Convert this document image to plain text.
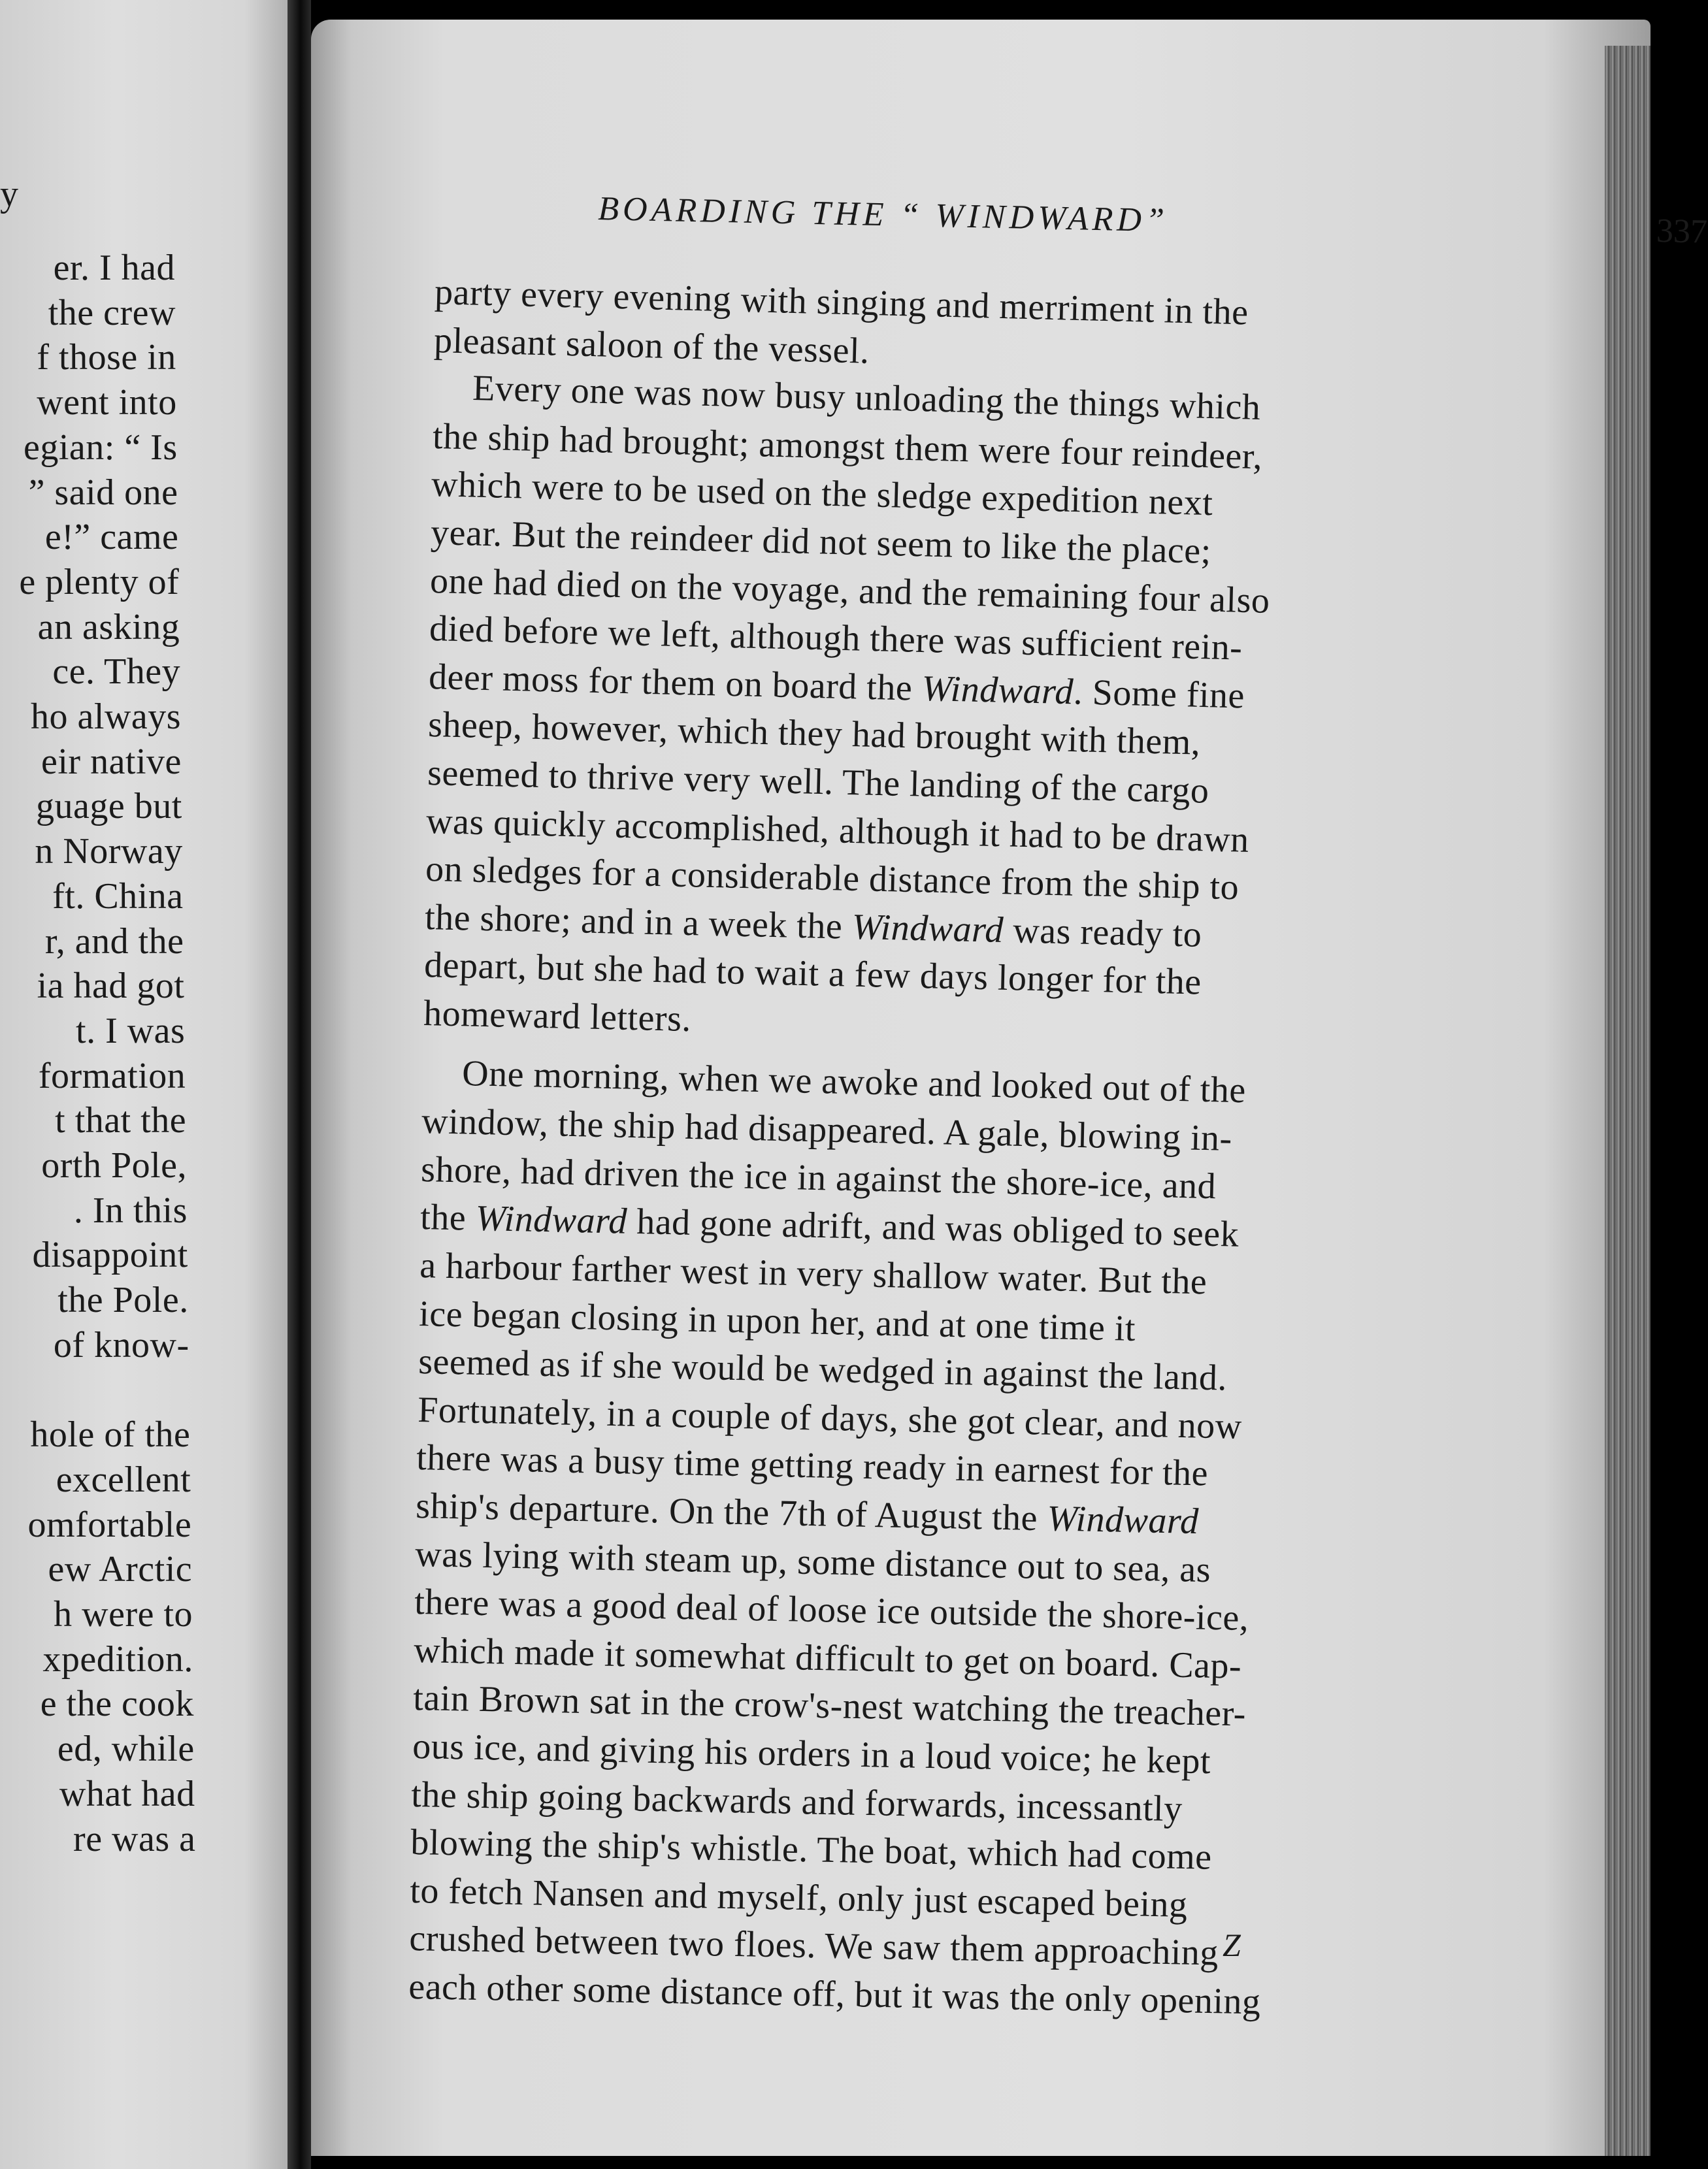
y
er. I had
the crew
f those in
went into
egian: “ Is
” said one
e!” came
e plenty of
an asking
ce. They
ho always
eir native
guage but
n Norway
ft. China
r, and the
ia had got
t. I was
formation
t that the
orth Pole,
. In this
disappoint
the Pole.
of know-
hole of the
excellent
omfortable
ew Arctic
h were to
xpedition.
e the cook
ed, while
what had
re was a
BOARDING THE “ WINDWARD”	337
party every evening with singing and merriment in the
pleasant saloon of the vessel.
Every one was now busy unloading the things which
the ship had brought; amongst them were four reindeer,
which were to be used on the sledge expedition next
year. But the reindeer did not seem to like the place;
one had died on the voyage, and the remaining four also
died before we left, although there was sufficient rein-
deer moss for them on board the Windward. Some fine
sheep, however, which they had brought with them,
seemed to thrive very well. The landing of the cargo
was quickly accomplished, although it had to be drawn
on sledges for a considerable distance from the ship to
the shore; and in a week the Windward was ready to
depart, but she had to wait a few days longer for the
homeward letters.
One morning, when we awoke and looked out of the
window, the ship had disappeared. A gale, blowing in-
shore, had driven the ice in against the shore-ice, and
the Windward had gone adrift, and was obliged to seek
a harbour farther west in very shallow water. But the
ice began closing in upon her, and at one time it
seemed as if she would be wedged in against the land.
Fortunately, in a couple of days, she got clear, and now
there was a busy time getting ready in earnest for the
ship's departure. On the 7th of August the Windward
was lying with steam up, some distance out to sea, as
there was a good deal of loose ice outside the shore-ice,
which made it somewhat difficult to get on board. Cap-
tain Brown sat in the crow's-nest watching the treacher-
ous ice, and giving his orders in a loud voice; he kept
the ship going backwards and forwards, incessantly
blowing the ship's whistle. The boat, which had come
to fetch Nansen and myself, only just escaped being
crushed between two floes. We saw them approaching
each other some distance off, but it was the only opening
Z
